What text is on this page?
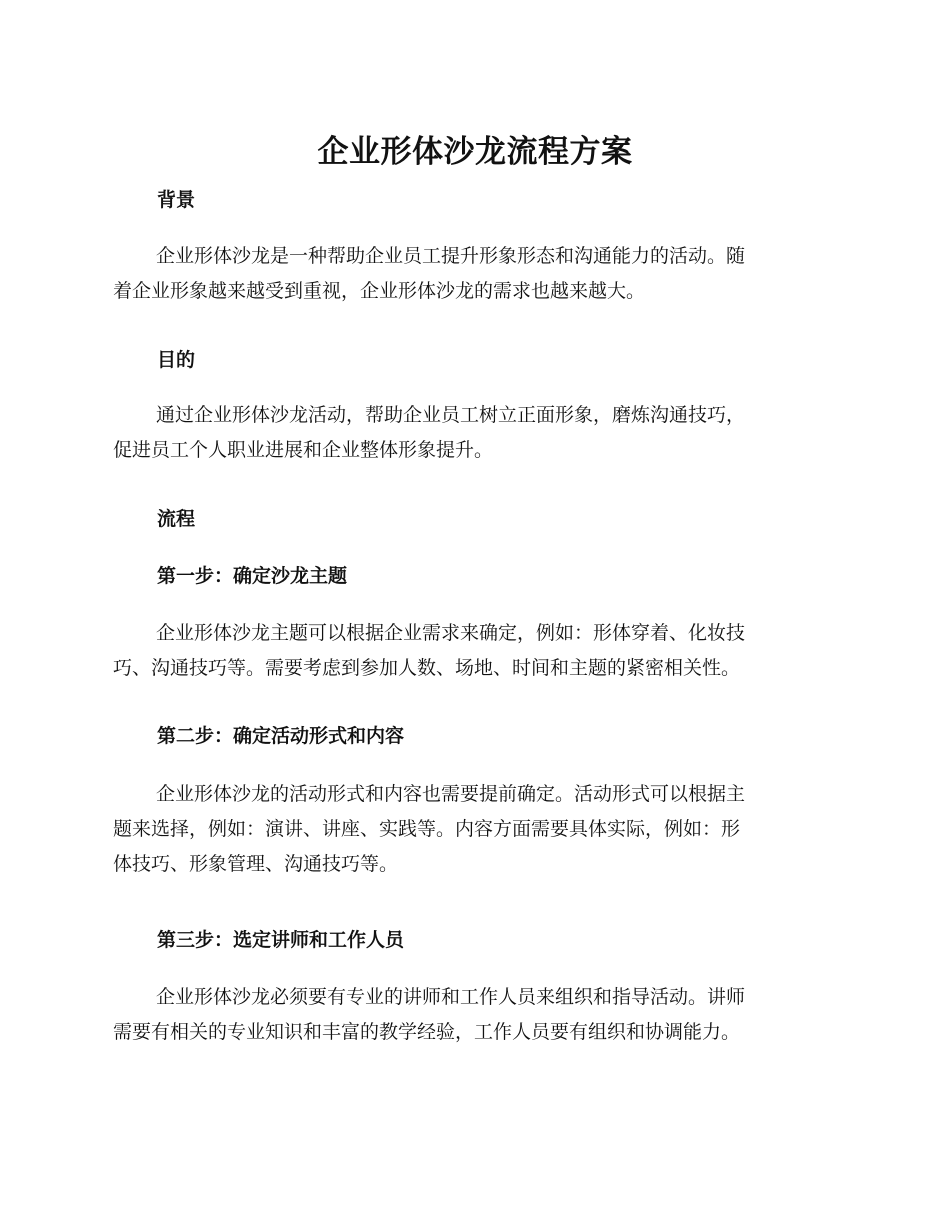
企业形体沙龙流程方案
背景

企业形体沙龙是一种帮助企业员工提升形象形态和沟通能力的活动。随
着企业形象越来越受到重视，企业形体沙龙的需求也越来越大。

目的

通过企业形体沙龙活动，帮助企业员工树立正面形象，磨炼沟通技巧，
促进员工个人职业进展和企业整体形象提升。

流程
第一步：确定沙龙主题

企业形体沙龙主题可以根据企业需求来确定，例如：形体穿着、化妆技
巧、沟通技巧等。需要考虑到参加人数、场地、时间和主题的紧密相关性。

第二步：确定活动形式和内容

企业形体沙龙的活动形式和内容也需要提前确定。活动形式可以根据主
题来选择，例如：演讲、讲座、实践等。内容方面需要具体实际，例如：形
体技巧、形象管理、沟通技巧等。

第三步：选定讲师和工作人员

企业形体沙龙必须要有专业的讲师和工作人员来组织和指导活动。讲师
需要有相关的专业知识和丰富的教学经验，工作人员要有组织和协调能力。
